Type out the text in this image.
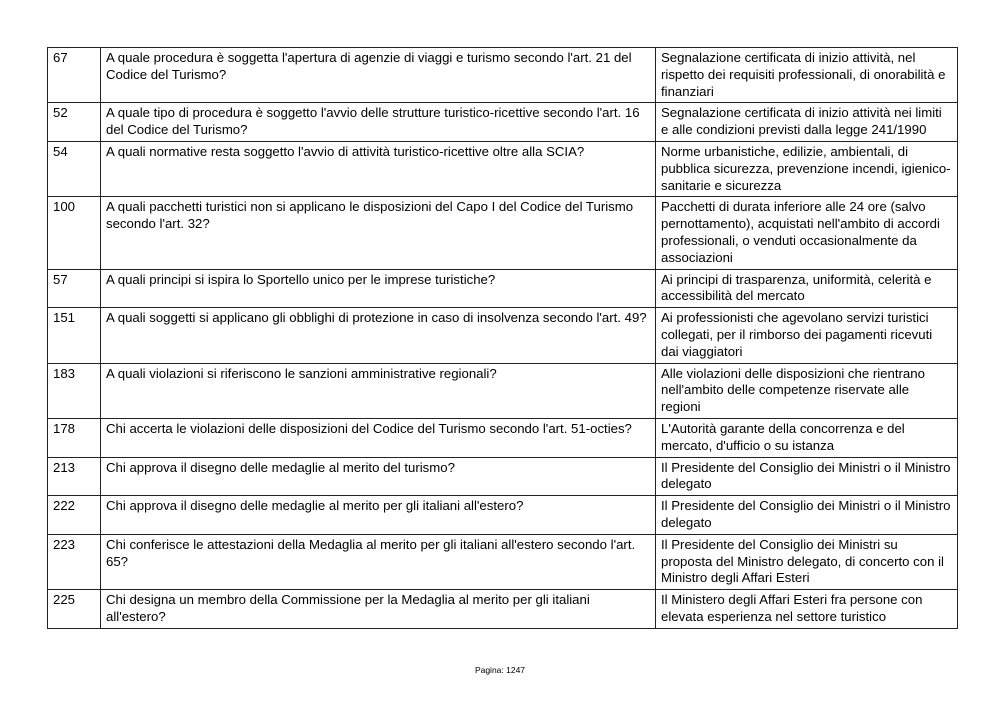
67	A quale procedura è soggetta l'apertura di agenzie di viaggi e turismo secondo l'art. 21 del Codice del Turismo?	Segnalazione certificata di inizio attività, nel rispetto dei requisiti professionali, di onorabilità e finanziari
52	A quale tipo di procedura è soggetto l'avvio delle strutture turistico-ricettive secondo l'art. 16 del Codice del Turismo?	Segnalazione certificata di inizio attività nei limiti e alle condizioni previsti dalla legge 241/1990
54	A quali normative resta soggetto l'avvio di attività turistico-ricettive oltre alla SCIA?	Norme urbanistiche, edilizie, ambientali, di pubblica sicurezza, prevenzione incendi, igienico-sanitarie e sicurezza
100	A quali pacchetti turistici non si applicano le disposizioni del Capo I del Codice del Turismo secondo l'art. 32?	Pacchetti di durata inferiore alle 24 ore (salvo pernottamento), acquistati nell'ambito di accordi professionali, o venduti occasionalmente da associazioni
57	A quali principi si ispira lo Sportello unico per le imprese turistiche?	Ai principi di trasparenza, uniformità, celerità e accessibilità del mercato
151	A quali soggetti si applicano gli obblighi di protezione in caso di insolvenza secondo l'art. 49?	Ai professionisti che agevolano servizi turistici collegati, per il rimborso dei pagamenti ricevuti dai viaggiatori
183	A quali violazioni si riferiscono le sanzioni amministrative regionali?	Alle violazioni delle disposizioni che rientrano nell'ambito delle competenze riservate alle regioni
178	Chi accerta le violazioni delle disposizioni del Codice del Turismo secondo l'art. 51-octies?	L'Autorità garante della concorrenza e del mercato, d'ufficio o su istanza
213	Chi approva il disegno delle medaglie al merito del turismo?	Il Presidente del Consiglio dei Ministri o il Ministro delegato
222	Chi approva il disegno delle medaglie al merito per gli italiani all'estero?	Il Presidente del Consiglio dei Ministri o il Ministro delegato
223	Chi conferisce le attestazioni della Medaglia al merito per gli italiani all'estero secondo l'art. 65?	Il Presidente del Consiglio dei Ministri su proposta del Ministro delegato, di concerto con il Ministro degli Affari Esteri
225	Chi designa un membro della Commissione per la Medaglia al merito per gli italiani all'estero?	Il Ministero degli Affari Esteri fra persone con elevata esperienza nel settore turistico
Pagina: 1247
